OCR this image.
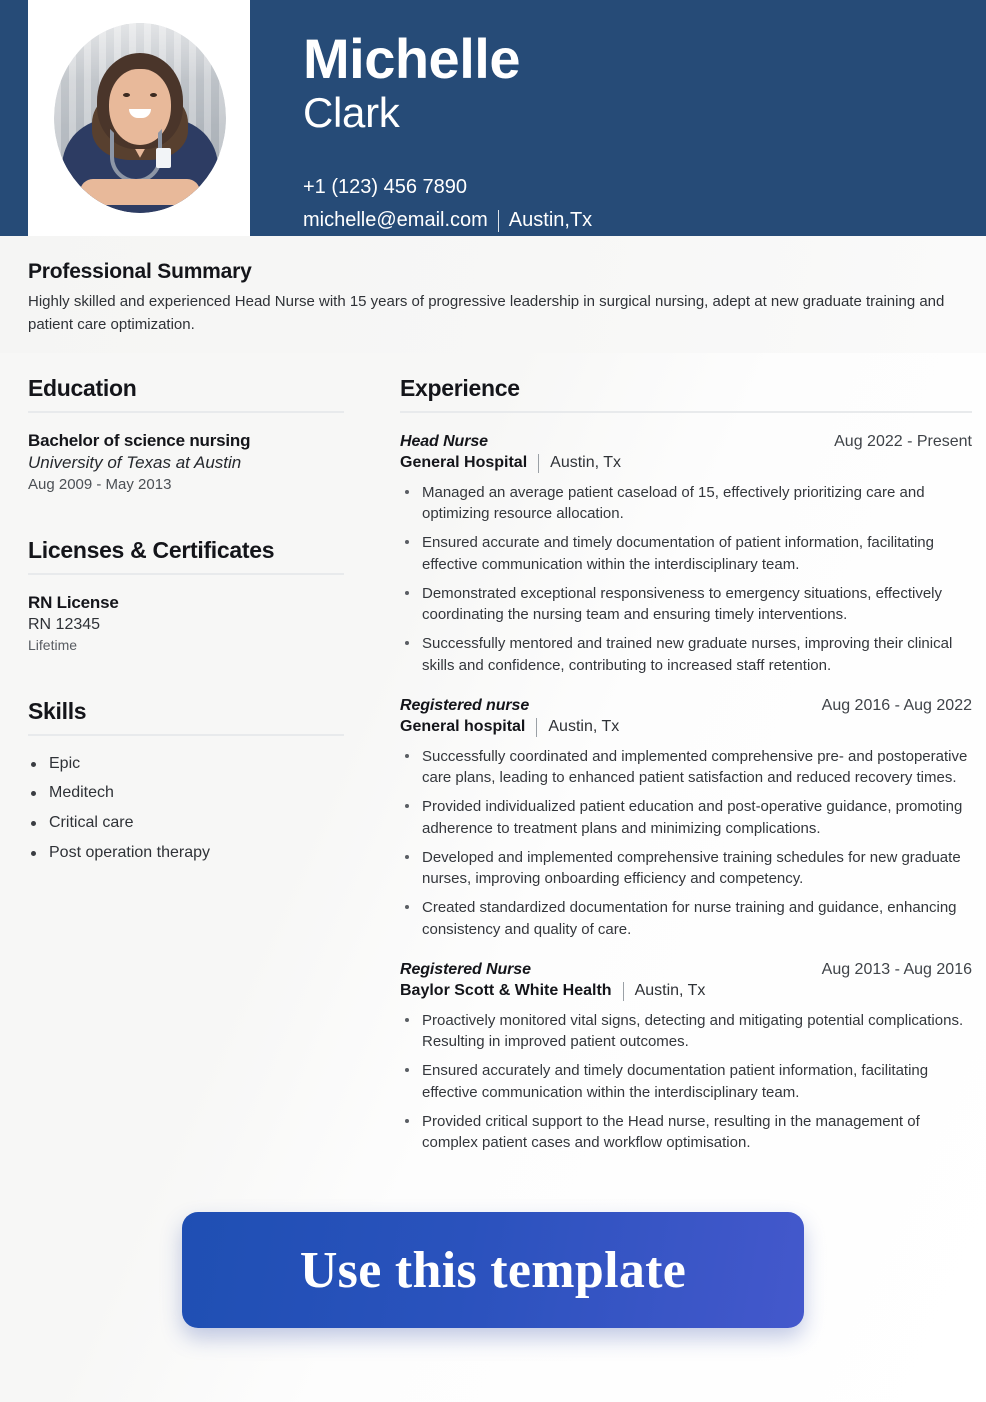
Michelle
Clark
+1 (123) 456 7890
michelle@email.com Austin,Tx
Professional Summary

Highly skilled and experienced Head Nurse with 15 years of progressive leadership in surgical nursing, adept at new graduate training and patient care optimization.

Education
Bachelor of science nursing
University of Texas at Austin
Aug 2009 - May 2013
Licenses & Certificates
RN License
RN 12345
Lifetime
Skills
Epic
Meditech
Critical care
Post operation therapy
Experience
Head Nurse	Aug 2022 - Present
General Hospital Austin, Tx
Managed an average patient caseload of 15, effectively prioritizing care and optimizing resource allocation.
Ensured accurate and timely documentation of patient information, facilitating effective communication within the interdisciplinary team.
Demonstrated exceptional responsiveness to emergency situations, effectively coordinating the nursing team and ensuring timely interventions.
Successfully mentored and trained new graduate nurses, improving their clinical skills and confidence, contributing to increased staff retention.
Registered nurse	Aug 2016 - Aug 2022
General hospital Austin, Tx
Successfully coordinated and implemented comprehensive pre- and postoperative care plans, leading to enhanced patient satisfaction and reduced recovery times.
Provided individualized patient education and post-operative guidance, promoting adherence to treatment plans and minimizing complications.
Developed and implemented comprehensive training schedules for new graduate nurses, improving onboarding efficiency and competency.
Created standardized documentation for nurse training and guidance, enhancing consistency and quality of care.
Registered Nurse	Aug 2013 - Aug 2016
Baylor Scott & White Health Austin, Tx
Proactively monitored vital signs, detecting and mitigating potential complications. Resulting in improved patient outcomes.
Ensured accurately and timely documentation patient information, facilitating effective communication within the interdisciplinary team.
Provided critical support to the Head nurse, resulting in the management of complex patient cases and workflow optimisation.
Use this template
